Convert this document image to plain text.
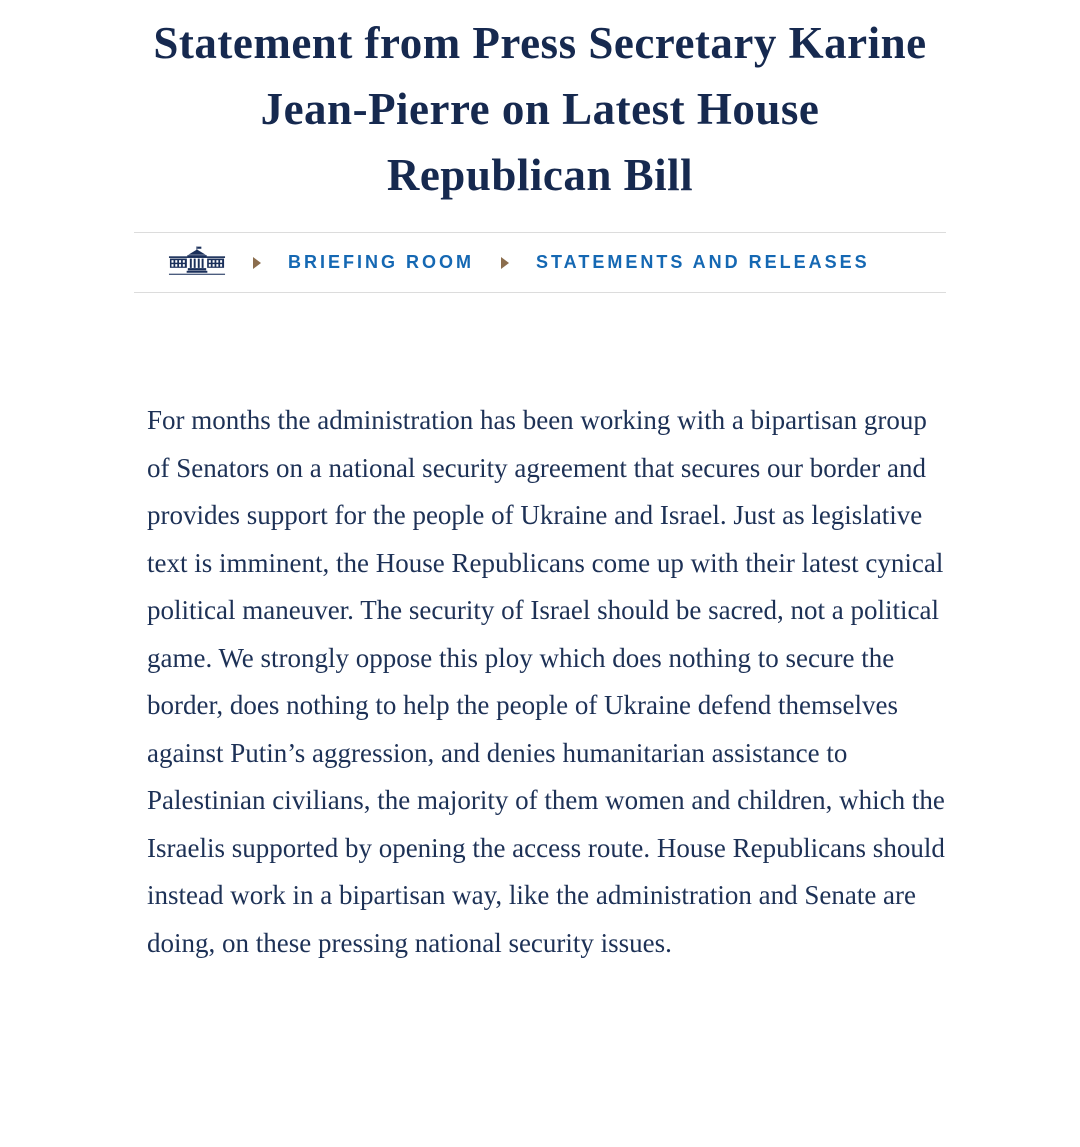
Statement from Press Secretary Karine
Jean-Pierre on Latest House
Republican Bill
BRIEFING ROOM	STATEMENTS AND RELEASES

For months the administration has been working with a bipartisan group of Senators on a national security agreement that secures our border and provides support for the people of Ukraine and Israel. Just as legislative text is imminent, the House Republicans come up with their latest cynical political maneuver. The security of Israel should be sacred, not a political game. We strongly oppose this ploy which does nothing to secure the border, does nothing to help the people of Ukraine defend themselves against Putin’s aggression, and denies humanitarian assistance to Palestinian civilians, the majority of them women and children, which the Israelis supported by opening the access route. House Republicans should instead work in a bipartisan way, like the administration and Senate are doing, on these pressing national security issues.
